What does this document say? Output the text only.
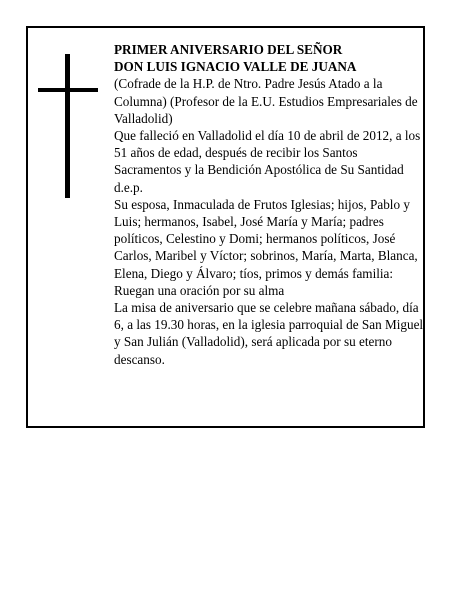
PRIMER ANIVERSARIO DEL SEÑOR

DON LUIS IGNACIO VALLE DE JUANA

(Cofrade de la H.P. de Ntro. Padre Jesús Atado a la Columna) (Profesor de la E.U. Estudios Empresariales de Valladolid)

Que falleció en Valladolid el día 10 de abril de 2012, a los 51 años de edad, después de recibir los Santos Sacramentos y la Bendición Apostólica de Su Santidad

d.e.p.

Su esposa, Inmaculada de Frutos Iglesias; hijos, Pablo y Luis; hermanos, Isabel, José María y María; padres políticos, Celestino y Domi; hermanos políticos, José Carlos, Maribel y Víctor; sobrinos, María, Marta, Blanca, Elena, Diego y Álvaro; tíos, primos y demás familia:

Ruegan una oración por su alma

La misa de aniversario que se celebre mañana sábado, día 6, a las 19.30 horas, en la iglesia parroquial de San Miguel y San Julián (Valladolid), será aplicada por su eterno descanso.
